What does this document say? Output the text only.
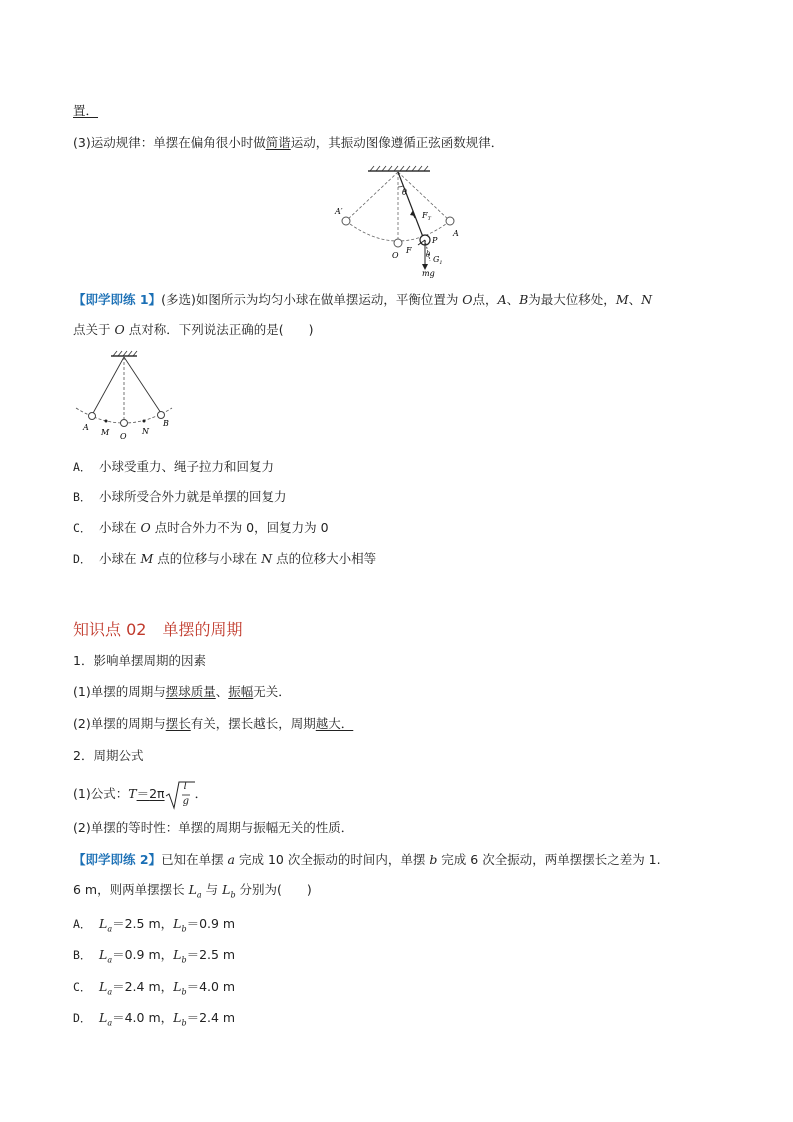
置．
(3)运动规律：单摆在偏角很小时做简谐运动，其振动图像遵循正弦函数规律．
θ
$F_T$
A′
A
P
O
F θ $G_1$
mg
【即学即练 1】(多选)如图所示为均匀小球在做单摆运动，平衡位置为 O点，A、B为最大位移处，M、N
点关于 O 点对称．下列说法正确的是(　　)
A
M O
N
B
A． 小球受重力、绳子拉力和回复力
B． 小球所受合外力就是单摆的回复力
C． 小球在 O 点时合外力不为 0，回复力为 0
D． 小球在 M 点的位移与小球在 N 点的位移大小相等
知识点 02　单摆的周期
1．影响单摆周期的因素
(1)单摆的周期与摆球质量、振幅无关．
(2)单摆的周期与摆长有关，摆长越长，周期越大．
2．周期公式
(1)公式：T＝2π l
g ．
(2)单摆的等时性：单摆的周期与振幅无关的性质．
【即学即练 2】已知在单摆 a 完成 10 次全振动的时间内，单摆 b 完成 6 次全振动，两单摆摆长之差为 1.
6 m，则两单摆摆长 $L_a$ 与 $L_b$ 分别为(　　)
A． $L_a=2.5$ m，$L_b=0.9$ m
B． $L_a=0.9$ m，$L_b=2.5$ m
C． $L_a=2.4$ m，$L_b=4.0$ m
D． $L_a=4.0$ m，$L_b=2.4$ m
